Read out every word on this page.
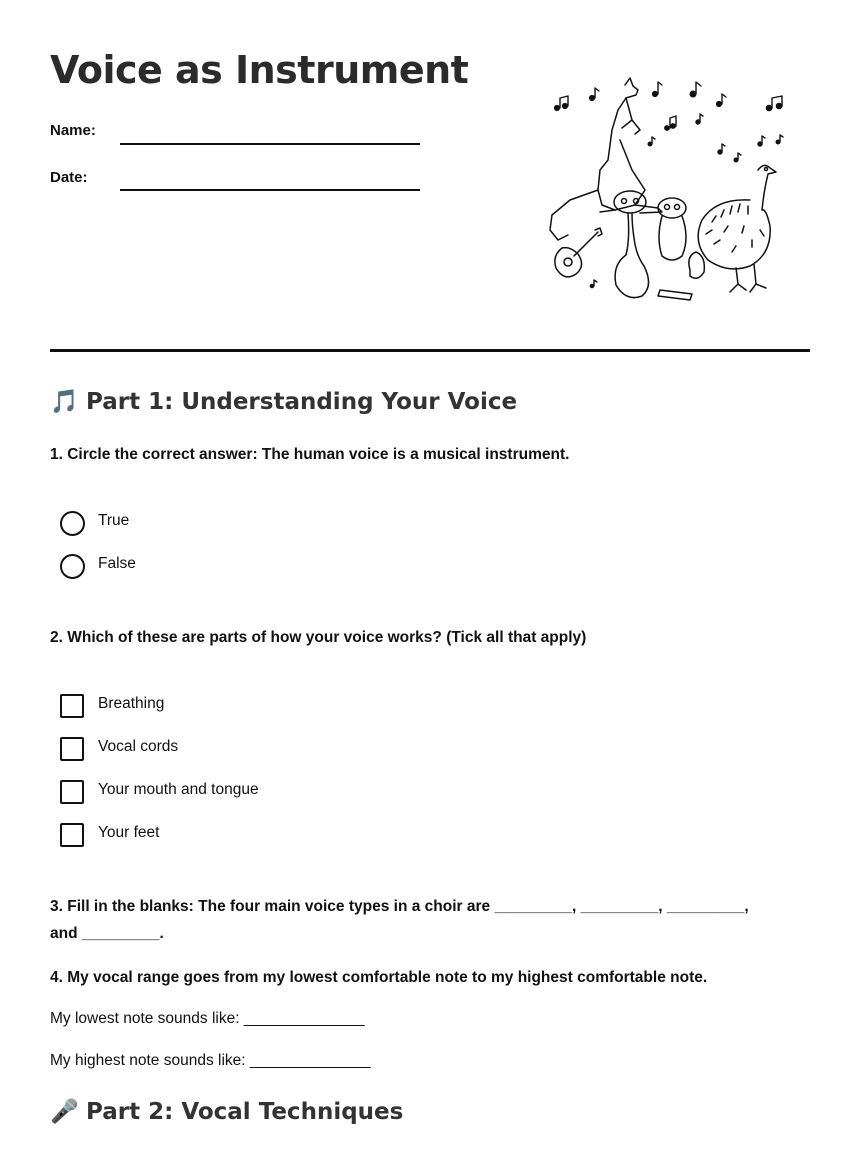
Voice as Instrument
Name:
Date:
🎵 Part 1: Understanding Your Voice
1. Circle the correct answer: The human voice is a musical instrument.
True
False
2. Which of these are parts of how your voice works? (Tick all that apply)
Breathing
Vocal cords
Your mouth and tongue
Your feet
3. Fill in the blanks: The four main voice types in a choir are _________, _________, _________, and _________.
4. My vocal range goes from my lowest comfortable note to my highest comfortable note.
My lowest note sounds like: ______________
My highest note sounds like: ______________
🎤 Part 2: Vocal Techniques
